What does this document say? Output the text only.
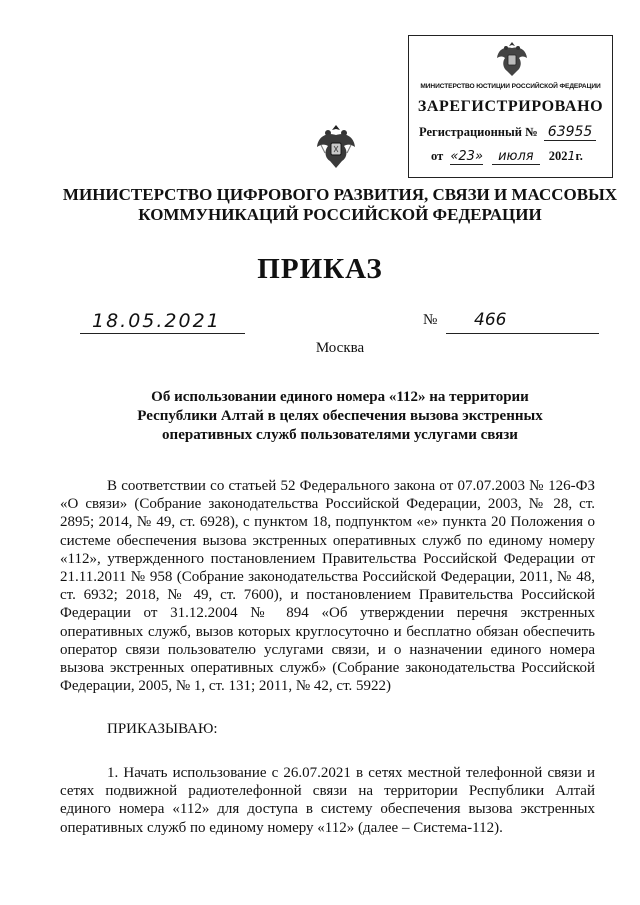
МИНИСТЕРСТВО ЮСТИЦИИ РОССИЙСКОЙ ФЕДЕРАЦИИ
ЗАРЕГИСТРИРОВАНО
Регистрационный № 63955
от «23» июля 2021г.
МИНИСТЕРСТВО ЦИФРОВОГО РАЗВИТИЯ, СВЯЗИ И МАССОВЫХ
КОММУНИКАЦИЙ РОССИЙСКОЙ ФЕДЕРАЦИИ
ПРИКАЗ
18.05.2021	№	466
Москва
Об использовании единого номера «112» на территории
Республики Алтай в целях обеспечения вызова экстренных
оперативных служб пользователями услугами связи

В соответствии со статьей 52 Федерального закона от 07.07.2003 № 126-ФЗ «О связи» (Собрание законодательства Российской Федерации, 2003, № 28, ст. 2895; 2014, № 49, ст. 6928), с пунктом 18, подпунктом «е» пункта 20 Положения о системе обеспечения вызова экстренных оперативных служб по единому номеру «112», утвержденного постановлением Правительства Российской Федерации от 21.11.2011 № 958 (Собрание законодательства Российской Федерации, 2011, № 48, ст. 6932; 2018, № 49, ст. 7600), и постановлением Правительства Российской Федерации от 31.12.2004 № 894 «Об утверждении перечня экстренных оперативных служб, вызов которых круглосуточно и бесплатно обязан обеспечить оператор связи пользователю услугами связи, и о назначении единого номера вызова экстренных оперативных служб» (Собрание законодательства Российской Федерации, 2005, № 1, ст. 131; 2011, № 42, ст. 5922)

ПРИКАЗЫВАЮ:

1. Начать использование с 26.07.2021 в сетях местной телефонной связи и сетях подвижной радиотелефонной связи на территории Республики Алтай единого номера «112» для доступа в систему обеспечения вызова экстренных оперативных служб по единому номеру «112» (далее – Система-112).
